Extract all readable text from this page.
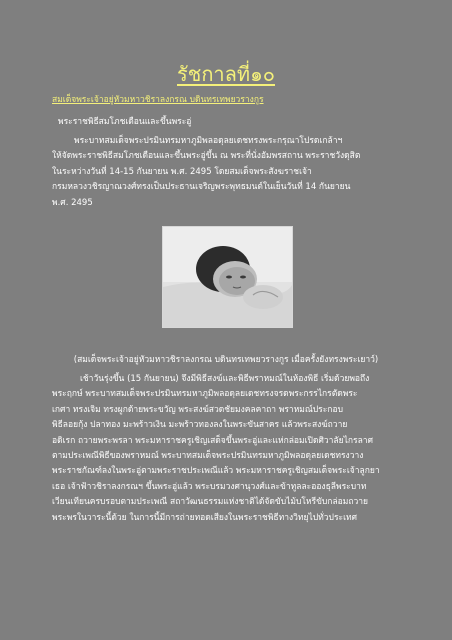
รัชกาลที่๑๐
สมเด็จพระเจ้าอยู่หัวมหาวชิราลงกรณ บดินทรเทพยวรางกูร
พระราชพิธีสมโภชเดือนและขึ้นพระอู่
พระบาทสมเด็จพระปรมินทรมหาภูมิพลอดุลยเดชทรงพระกรุณาโปรดเกล้าฯ
ให้จัดพระราชพิธีสมโภชเดือนและขึ้นพระอู่ขึ้น ณ พระที่นั่งอัมพรสถาน พระราชวังดุสิต
ในระหว่างวันที่ 14-15 กันยายน พ.ศ. 2495 โดยสมเด็จพระสังฆราชเจ้า
กรมหลวงวชิรญาณวงศ์ทรงเป็นประธานเจริญพระพุทธมนต์ในเย็นวันที่ 14 กันยายน
พ.ศ. 2495
(สมเด็จพระเจ้าอยู่หัวมหาวชิราลงกรณ บดินทรเทพยวรางกูร เมื่อครั้งยังทรงพระเยาว์)
เช้าวันรุ่งขึ้น (15 กันยายน) จึงมีพิธีสงฆ์และพิธีพราหมณ์ในห้องพิธี เริ่มด้วยพอถึง
พระฤกษ์ พระบาทสมเด็จพระปรมินทรมหาภูมิพลอดุลยเดชทรงจรดพระกรรไกรตัดพระ
เกศา ทรงเจิม ทรงผูกด้ายพระขวัญ พระสงฆ์สวดชัยมงคลคาถา พราหมณ์ประกอบ
พิธีลอยกุ้ง ปลาทอง มะพร้าวเงิน มะพร้าวทองลงในพระขันสาคร แล้วพระสงฆ์ถวาย
อดิเรก ถวายพระพรลา พระมหาราชครูเชิญเสด็จขึ้นพระอู่และแห่กล่อมเปิดศิวาลัยไกรลาศ
ตามประเพณีพิธีของพราหมณ์ พระบาทสมเด็จพระปรมินทรมหาภูมิพลอดุลยเดชทรงวาง
พระราชกัณฑ์ลงในพระอู่ตามพระราชประเพณีแล้ว พระมหาราชครูเชิญสมเด็จพระเจ้าลูกยา
เธอ เจ้าฟ้าวชิราลงกรณฯ ขึ้นพระอู่แล้ว พระบรมวงศานุวงศ์และข้าทูลละอองธุลีพระบาท
เวียนเทียนครบรอบตามประเพณี สถาวัฒนธรรมแห่งชาติได้จัดขับไม้บโหรีขับกล่อมถวาย
พระพรในวาระนี้ด้วย ในการนี้มีการถ่ายทอดเสียงในพระราชพิธีทางวิทยุไปทั่วประเทศ
